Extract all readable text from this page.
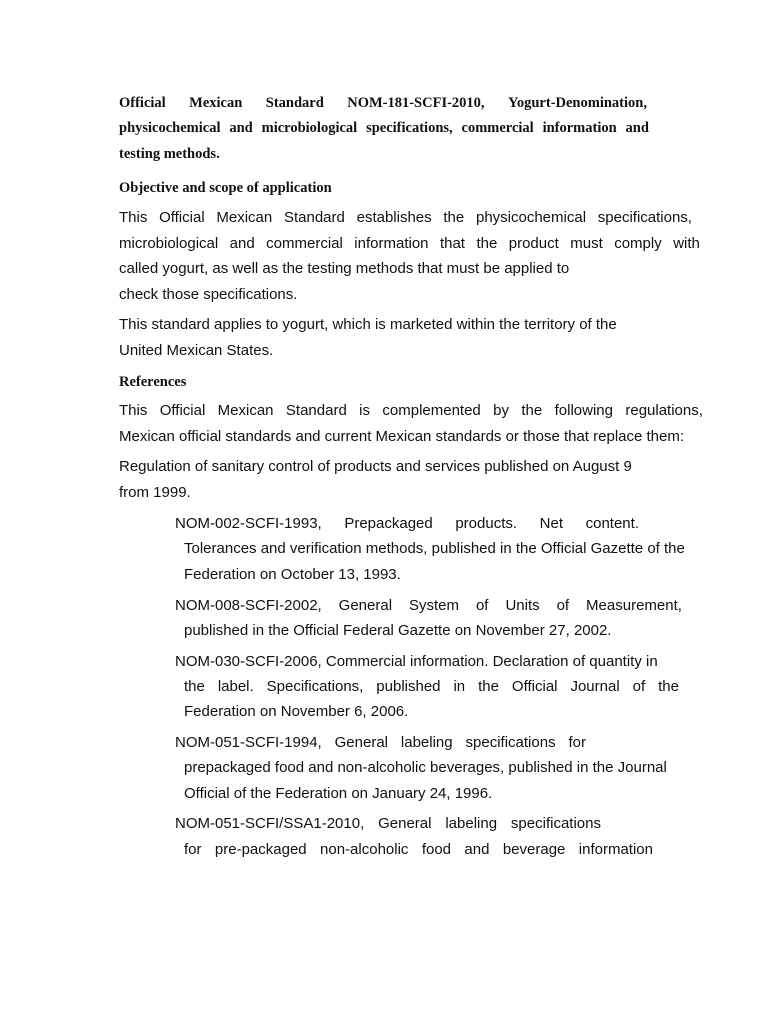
Official Mexican Standard NOM-181-SCFI-2010, Yogurt-Denomination,
physicochemical and microbiological specifications, commercial information and
testing methods.
Objective and scope of application
This Official Mexican Standard establishes the physicochemical specifications,
microbiological and commercial information that the product must comply with
called yogurt, as well as the testing methods that must be applied to
check those specifications.
This standard applies to yogurt, which is marketed within the territory of the
United Mexican States.
References
This Official Mexican Standard is complemented by the following regulations,
Mexican official standards and current Mexican standards or those that replace them:
Regulation of sanitary control of products and services published on August 9
from 1999.
NOM-002-SCFI-1993, Prepackaged products. Net content.
Tolerances and verification methods, published in the Official Gazette of the
Federation on October 13, 1993.
NOM-008-SCFI-2002, General System of Units of Measurement,
published in the Official Federal Gazette on November 27, 2002.
NOM-030-SCFI-2006, Commercial information. Declaration of quantity in
the label. Specifications, published in the Official Journal of the
Federation on November 6, 2006.
NOM-051-SCFI-1994, General labeling specifications for
prepackaged food and non-alcoholic beverages, published in the Journal
Official of the Federation on January 24, 1996.
NOM-051-SCFI/SSA1-2010, General labeling specifications
for pre-packaged non-alcoholic food and beverage information
